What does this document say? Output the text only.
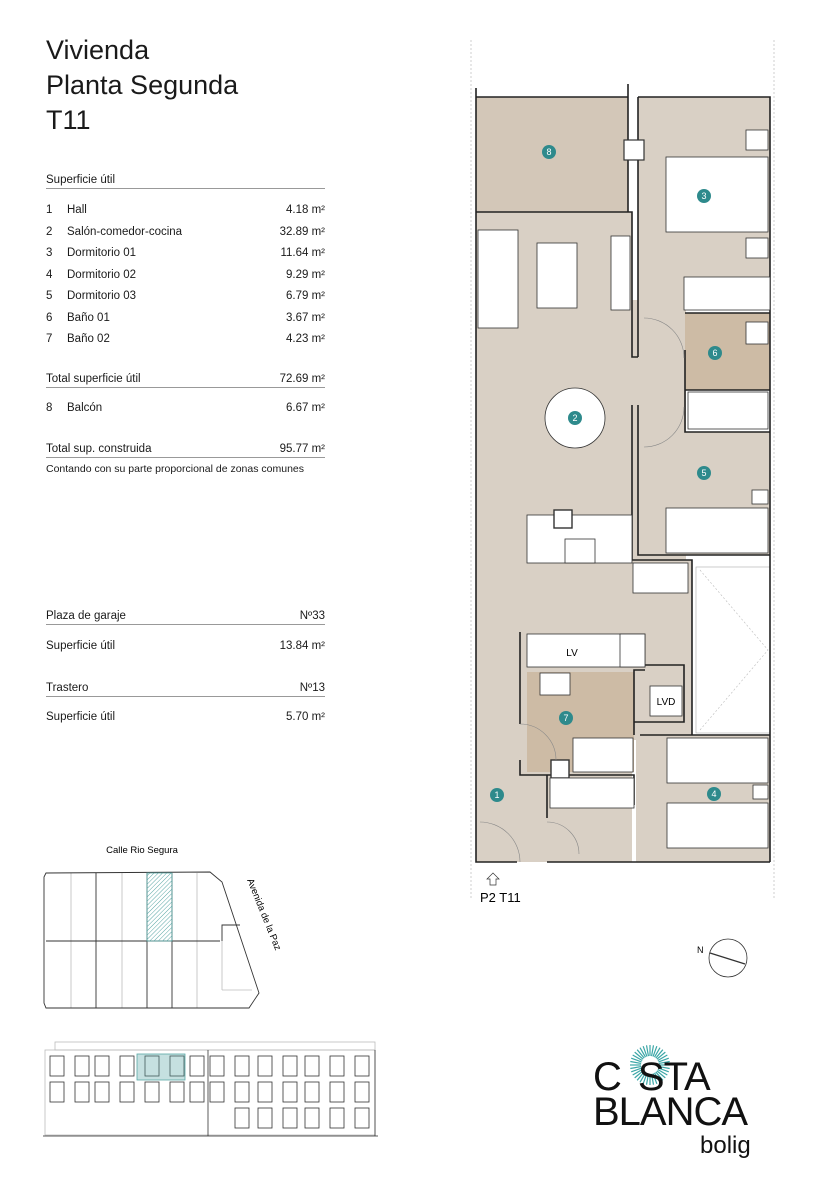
Vivienda
Planta Segunda
T11
Superficie útil
1 Hall	4.18 m²
2 Salón-comedor-cocina	32.89 m²
3 Dormitorio 01	11.64 m²
4 Dormitorio 02	9.29 m²
5 Dormitorio 03	6.79 m²
6 Baño 01	3.67 m²
7 Baño 02	4.23 m²
Total superficie útil	72.69 m²
8 Balcón	6.67 m²
Total sup. construida	95.77 m²
Contando con su parte proporcional de zonas comunes
Plaza de garaje	Nº33
Superficie útil	13.84 m²
Trastero	Nº13
Superficie útil	5.70 m²
Calle Rio Segura
Avenida de la Paz
LV
LVD
1
2
3
4
5
6
7
8
P2 T11
N
C STA
BLANCA
bolig
